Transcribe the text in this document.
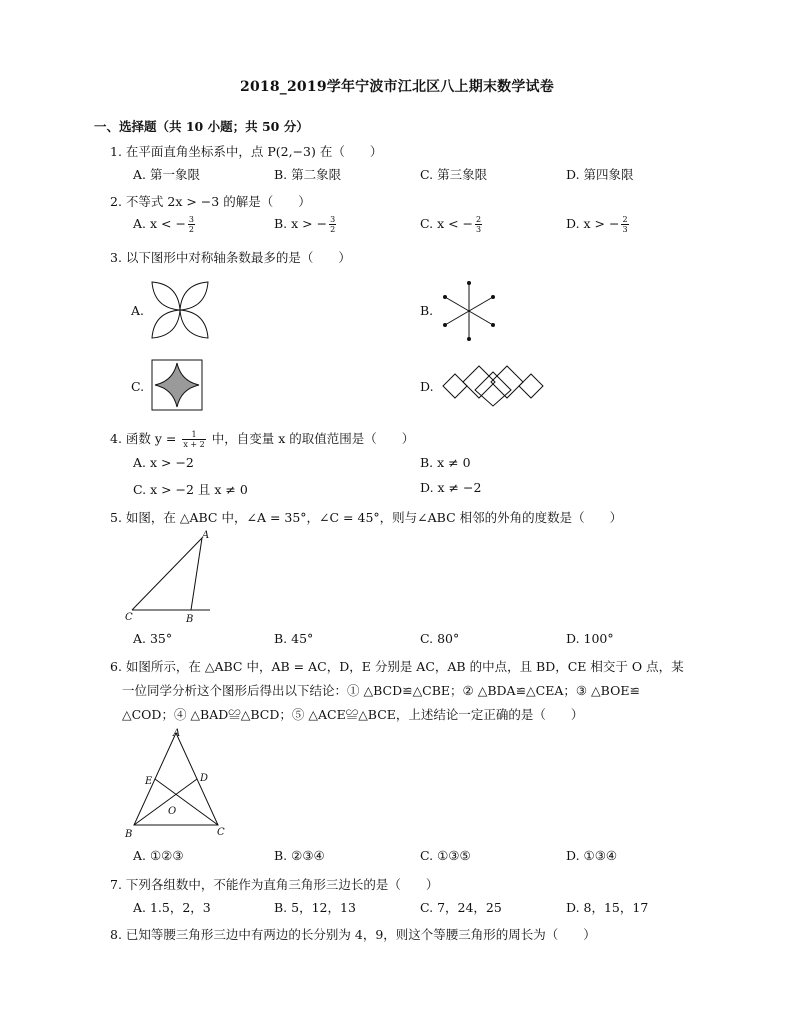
2018_2019学年宁波市江北区八上期末数学试卷
一、选择题（共 10 小题；共 50 分）
1. 在平面直角坐标系中，点 P(2,−3) 在（　　）
A. 第一象限	B. 第二象限	C. 第三象限	D. 第四象限
2. 不等式 2x > −3 的解是（　　）
A. x < − $\frac{3}{2}$	B. x > − $\frac{3}{2}$	C. x < − $\frac{2}{3}$	D. x > − $\frac{2}{3}$
3. 以下图形中对称轴条数最多的是（　　）
A.	B.
C.	D.
4. 函数 $y = \frac{1}{x + 2}$ 中，自变量 x 的取值范围是（　　）
A. x > −2	B. x ≠ 0
C. x > −2 且 x ≠ 0	D. x ≠ −2
5. 如图，在 △ABC 中，∠A = 35°，∠C = 45°，则与∠ABC 相邻的外角的度数是（　　）
A
C	B
A. 35°	B. 45°	C. 80°	D. 100°
6. 如图所示，在 △ABC 中，AB = AC，D，E 分别是 AC，AB 的中点，且 BD，CE 相交于 O 点，某
一位同学分析这个图形后得出以下结论：① △BCD≌△CBE；② △BDA≌△CEA；③ △BOE≌
△COD；④ △BAD≌△BCD；⑤ △ACE≌△BCE，上述结论一定正确的是（　　）
A
E	D
O
B	C
A. ①②③	B. ②③④	C. ①③⑤	D. ①③④
7. 下列各组数中，不能作为直角三角形三边长的是（　　）
A. 1.5，2，3	B. 5，12，13	C. 7，24，25	D. 8，15，17
8. 已知等腰三角形三边中有两边的长分别为 4，9，则这个等腰三角形的周长为（　　）
